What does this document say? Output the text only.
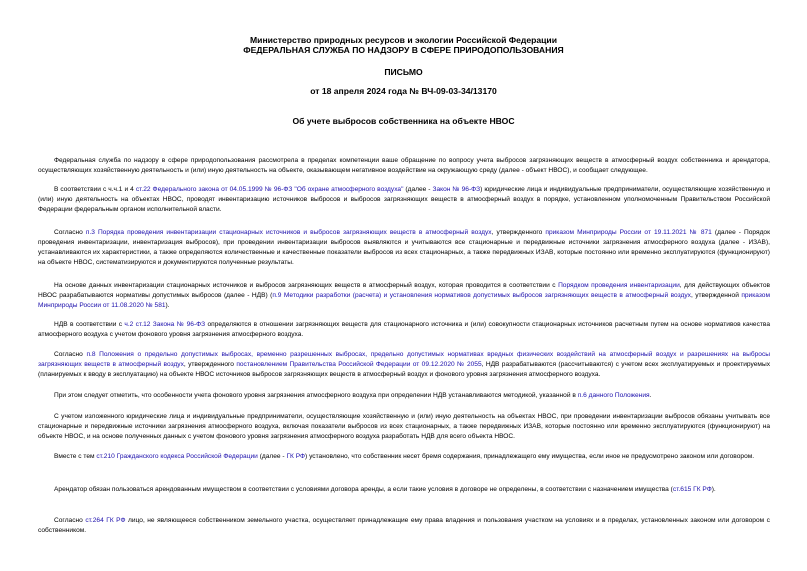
Министерство природных ресурсов и экологии Российской Федерации
ФЕДЕРАЛЬНАЯ СЛУЖБА ПО НАДЗОРУ В СФЕРЕ ПРИРОДОПОЛЬЗОВАНИЯ
ПИСЬМО
от 18 апреля 2024 года № ВЧ-09-03-34/13170
Об учете выбросов собственника на объекте НВОС

Федеральная служба по надзору в сфере природопользования рассмотрела в пределах компетенции ваше обращение по вопросу учета выбросов загрязняющих веществ в атмосферный воздух собственника и арендатора, осуществляющих хозяйственную деятельность и (или) иную деятельность на объекте, оказывающем негативное воздействие на окружающую среду (далее - объект НВОС), и сообщает следующее.

В соответствии с ч.ч.1 и 4 ст.22 Федерального закона от 04.05.1999 № 96-ФЗ "Об охране атмосферного воздуха" (далее - Закон № 96-ФЗ) юридические лица и индивидуальные предприниматели, осуществляющие хозяйственную и (или) иную деятельность на объектах НВОС, проводят инвентаризацию источников выбросов и выбросов загрязняющих веществ в атмосферный воздух в порядке, установленном уполномоченным Правительством Российской Федерации федеральным органом исполнительной власти.

Согласно п.3 Порядка проведения инвентаризации стационарных источников и выбросов загрязняющих веществ в атмосферный воздух, утвержденного приказом Минприроды России от 19.11.2021 № 871 (далее - Порядок проведения инвентаризации, инвентаризация выбросов), при проведении инвентаризации выбросов выявляются и учитываются все стационарные и передвижные источники загрязнения атмосферного воздуха (далее - ИЗАВ), устанавливаются их характеристики, а также определяются количественные и качественные показатели выбросов из всех стационарных, а также передвижных ИЗАВ, которые постоянно или временно эксплуатируются (функционируют) на объекте НВОС, систематизируются и документируются полученные результаты.

На основе данных инвентаризации стационарных источников и выбросов загрязняющих веществ в атмосферный воздух, которая проводится в соответствии с Порядком проведения инвентаризации, для действующих объектов НВОС разрабатываются нормативы допустимых выбросов (далее - НДВ) (п.9 Методики разработки (расчета) и установления нормативов допустимых выбросов загрязняющих веществ в атмосферный воздух, утвержденной приказом Минприроды России от 11.08.2020 № 581).

НДВ в соответствии с ч.2 ст.12 Закона № 96-ФЗ определяются в отношении загрязняющих веществ для стационарного источника и (или) совокупности стационарных источников расчетным путем на основе нормативов качества атмосферного воздуха с учетом фонового уровня загрязнения атмосферного воздуха.

Согласно п.8 Положения о предельно допустимых выбросах, временно разрешенных выбросах, предельно допустимых нормативах вредных физических воздействий на атмосферный воздух и разрешениях на выбросы загрязняющих веществ в атмосферный воздух, утвержденного постановлением Правительства Российской Федерации от 09.12.2020 № 2055, НДВ разрабатываются (рассчитываются) с учетом всех эксплуатируемых и проектируемых (планируемых к вводу в эксплуатацию) на объекте НВОС источников выбросов загрязняющих веществ в атмосферный воздух и фонового уровня загрязнения атмосферного воздуха.

При этом следует отметить, что особенности учета фонового уровня загрязнения атмосферного воздуха при определении НДВ устанавливаются методикой, указанной в п.6 данного Положения.

С учетом изложенного юридические лица и индивидуальные предприниматели, осуществляющие хозяйственную и (или) иную деятельность на объектах НВОС, при проведении инвентаризации выбросов обязаны учитывать все стационарные и передвижные источники загрязнения атмосферного воздуха, включая показатели выбросов из всех стационарных, а также передвижных ИЗАВ, которые постоянно или временно эксплуатируются (функционируют) на объекте НВОС, и на основе полученных данных с учетом фонового уровня загрязнения атмосферного воздуха разработать НДВ для всего объекта НВОС.

Вместе с тем ст.210 Гражданского кодекса Российской Федерации (далее - ГК РФ) установлено, что собственник несет бремя содержания, принадлежащего ему имущества, если иное не предусмотрено законом или договором.

Арендатор обязан пользоваться арендованным имуществом в соответствии с условиями договора аренды, а если такие условия в договоре не определены, в соответствии с назначением имущества (ст.615 ГК РФ).

Согласно ст.264 ГК РФ лицо, не являющееся собственником земельного участка, осуществляет принадлежащие ему права владения и пользования участком на условиях и в пределах, установленных законом или договором с собственником.
